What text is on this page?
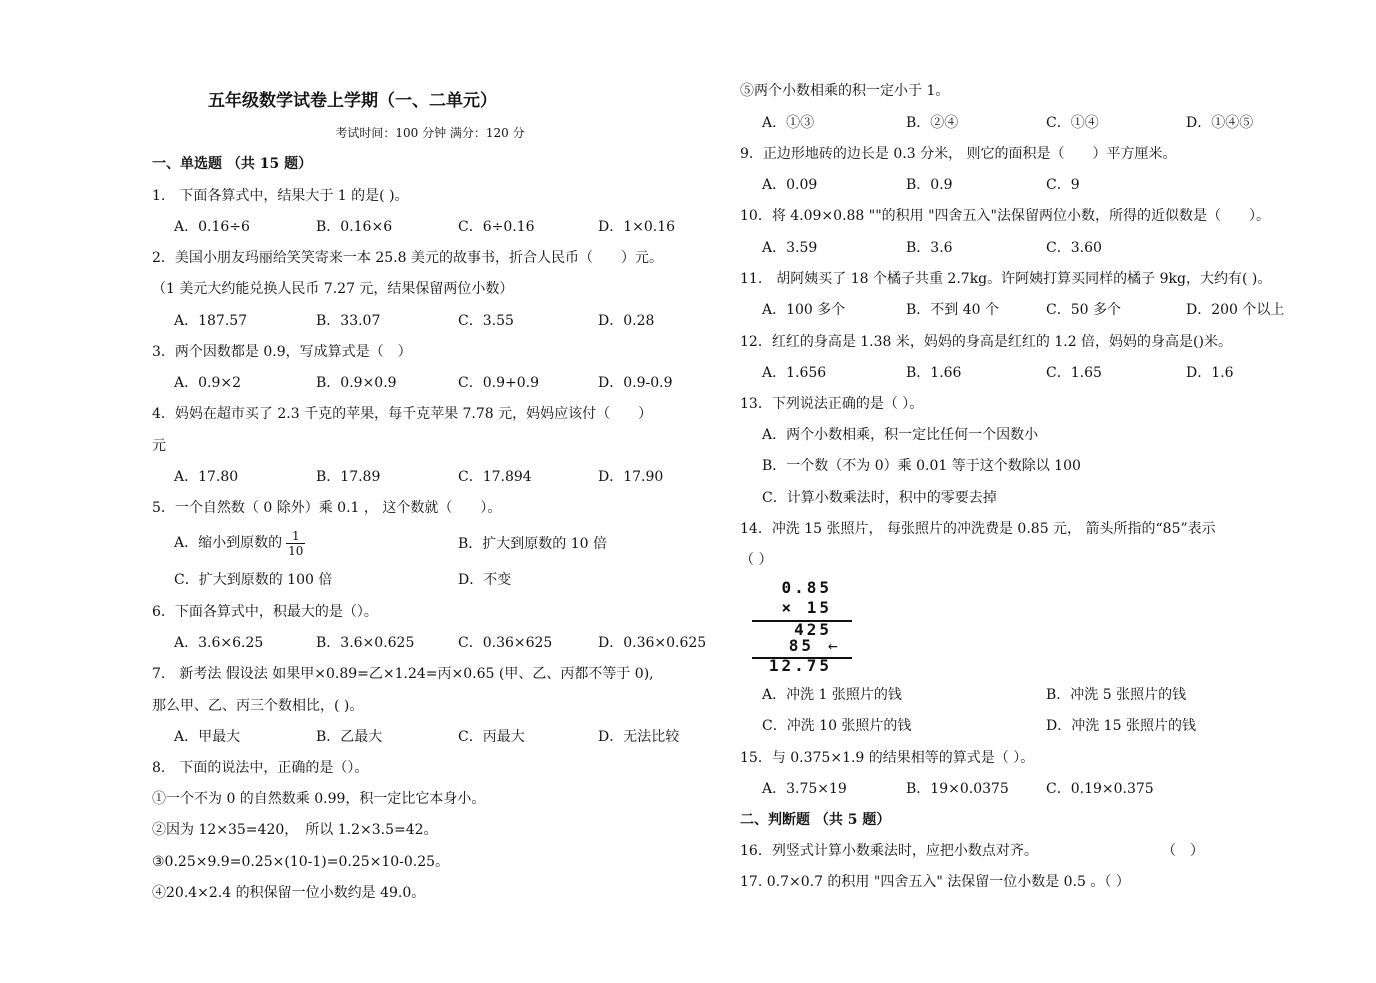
五年级数学试卷上学期（一、二单元）
考试时间：100 分钟 满分：120 分
一、单选题 （共 15 题）
1.　下面各算式中，结果大于 1 的是( )。
A．0.16÷6	B．0.16×6	C．6÷0.16	D．1×0.16
2．美国小朋友玛丽给笑笑寄来一本 25.8 美元的故事书，折合人民币（　　）元。
（1 美元大约能兑换人民币 7.27 元，结果保留两位小数）
A．187.57	B．33.07	C．3.55	D．0.28
3．两个因数都是 0.9，写成算式是（　）
A．0.9×2	B．0.9×0.9	C．0.9+0.9	D．0.9-0.9
4．妈妈在超市买了 2.3 千克的苹果，每千克苹果 7.78 元，妈妈应该付（　　）
元
A．17.80	B．17.89	C．17.894	D．17.90
5．一个自然数（ 0 除外）乘 0.1 ， 这个数就（　　）。
A．缩小到原数的 $\frac{1}{10}$	B．扩大到原数的 10 倍
C．扩大到原数的 100 倍	D．不变
6．下面各算式中，积最大的是（）。
A．3.6×6.25	B．3.6×0.625	C．0.36×625	D．0.36×0.625
7.　新考法 假设法 如果甲×0.89=乙×1.24=丙×0.65 (甲、乙、丙都不等于 0),
那么甲、乙、丙三个数相比，( )。
A．甲最大	B．乙最大	C．丙最大	D．无法比较
8.　下面的说法中，正确的是（）。
①一个不为 0 的自然数乘 0.99，积一定比它本身小。
②因为 12×35=420，　所以 1.2×3.5=42。
③0.25×9.9=0.25×(10-1)=0.25×10-0.25。
④20.4×2.4 的积保留一位小数约是 49.0。
⑤两个小数相乘的积一定小于 1。
A．①③	B．②④	C．①④	D．①④⑤
9．正边形地砖的边长是 0.3 分米， 则它的面积是（　　）平方厘米。
A．0.09	B．0.9	C．9
10．将 4.09×0.88 ""的积用 "四舍五入"法保留两位小数，所得的近似数是（　　）。
A．3.59	B．3.6	C．3.60
11.　胡阿姨买了 18 个橘子共重 2.7kg。许阿姨打算买同样的橘子 9kg，大约有( )。
A．100 多个	B．不到 40 个	C．50 多个	D．200 个以上
12．红红的身高是 1.38 米，妈妈的身高是红红的 1.2 倍，妈妈的身高是()米。
A．1.656	B．1.66	C．1.65	D．1.6
13．下列说法正确的是（ ）。
A．两个小数相乘，积一定比任何一个因数小
B．一个数（不为 0）乘 0.01 等于这个数除以 100
C．计算小数乘法时，积中的零要去掉
14．冲洗 15 张照片， 每张照片的冲洗费是 0.85 元， 箭头所指的“85”表示
（ ）
0.85
× 15
425
85 ←
12.75
A．冲洗 1 张照片的钱	B．冲洗 5 张照片的钱
C．冲洗 10 张照片的钱	D．冲洗 15 张照片的钱
15．与 0.375×1.9 的结果相等的算式是（ ）。
A．3.75×19	B．19×0.0375	C．0.19×0.375
二、判断题 （共 5 题）
16．列竖式计算小数乘法时，应把小数点对齐。	（　）
17. 0.7×0.7 的积用 "四舍五入" 法保留一位小数是 0.5 。（ ）
